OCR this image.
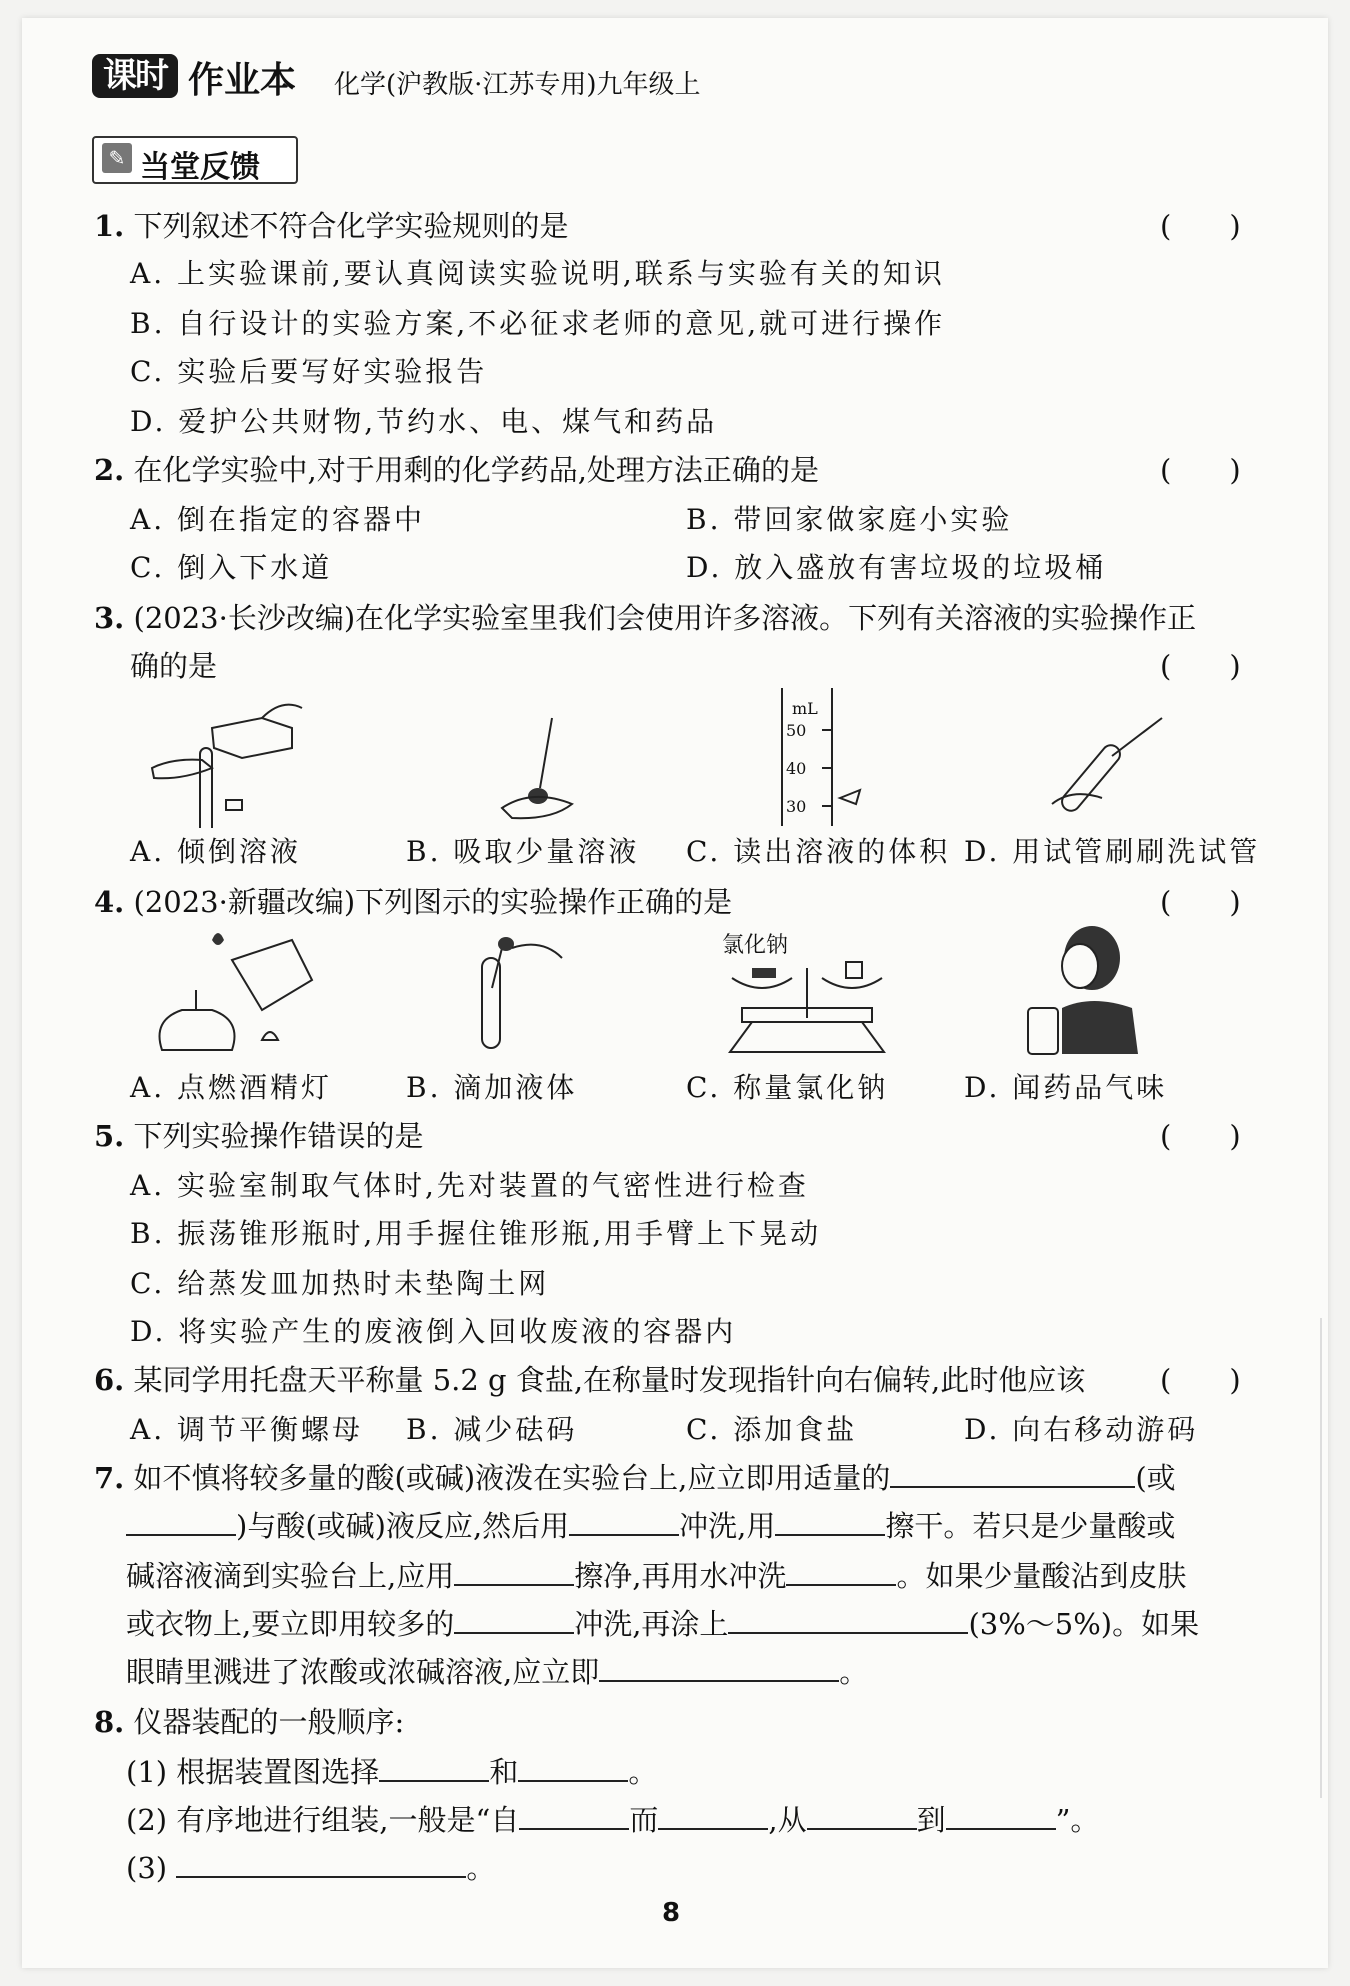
课时 作业本 化学(沪教版·江苏专用)九年级上
✎ 当堂反馈
1. 下列叙述不符合化学实验规则的是	(　　)
A. 上实验课前,要认真阅读实验说明,联系与实验有关的知识
B. 自行设计的实验方案,不必征求老师的意见,就可进行操作
C. 实验后要写好实验报告
D. 爱护公共财物,节约水、电、煤气和药品
2. 在化学实验中,对于用剩的化学药品,处理方法正确的是	(　　)
A. 倒在指定的容器中	B. 带回家做家庭小实验
C. 倒入下水道	D. 放入盛放有害垃圾的垃圾桶
3. (2023·长沙改编)在化学实验室里我们会使用许多溶液。下列有关溶液的实验操作正
确的是	(　　)
mL
50
40
30
A. 倾倒溶液	B. 吸取少量溶液 C. 读出溶液的体积 D. 用试管刷刷洗试管
4. (2023·新疆改编)下列图示的实验操作正确的是	(　　)
氯化钠
A. 点燃酒精灯	B. 滴加液体	C. 称量氯化钠	D. 闻药品气味
5. 下列实验操作错误的是	(　　)
A. 实验室制取气体时,先对装置的气密性进行检查
B. 振荡锥形瓶时,用手握住锥形瓶,用手臂上下晃动
C. 给蒸发皿加热时未垫陶土网
D. 将实验产生的废液倒入回收废液的容器内
6. 某同学用托盘天平称量 5.2 g 食盐,在称量时发现指针向右偏转,此时他应该	(　　)
A. 调节平衡螺母 B. 减少砝码	C. 添加食盐	D. 向右移动游码
7. 如不慎将较多量的酸(或碱)液泼在实验台上,应立即用适量的	(或
)与酸(或碱)液反应,然后用	冲洗,用	擦干。若只是少量酸或
碱溶液滴到实验台上,应用	擦净,再用水冲洗	。如果少量酸沾到皮肤
或衣物上,要立即用较多的	冲洗,再涂上	(3%～5%)。如果
眼睛里溅进了浓酸或浓碱溶液,应立即	。
8. 仪器装配的一般顺序:
(1) 根据装置图选择	和	。
(2) 有序地进行组装,一般是“自	而	,从	到	”。
(3)	。
8
